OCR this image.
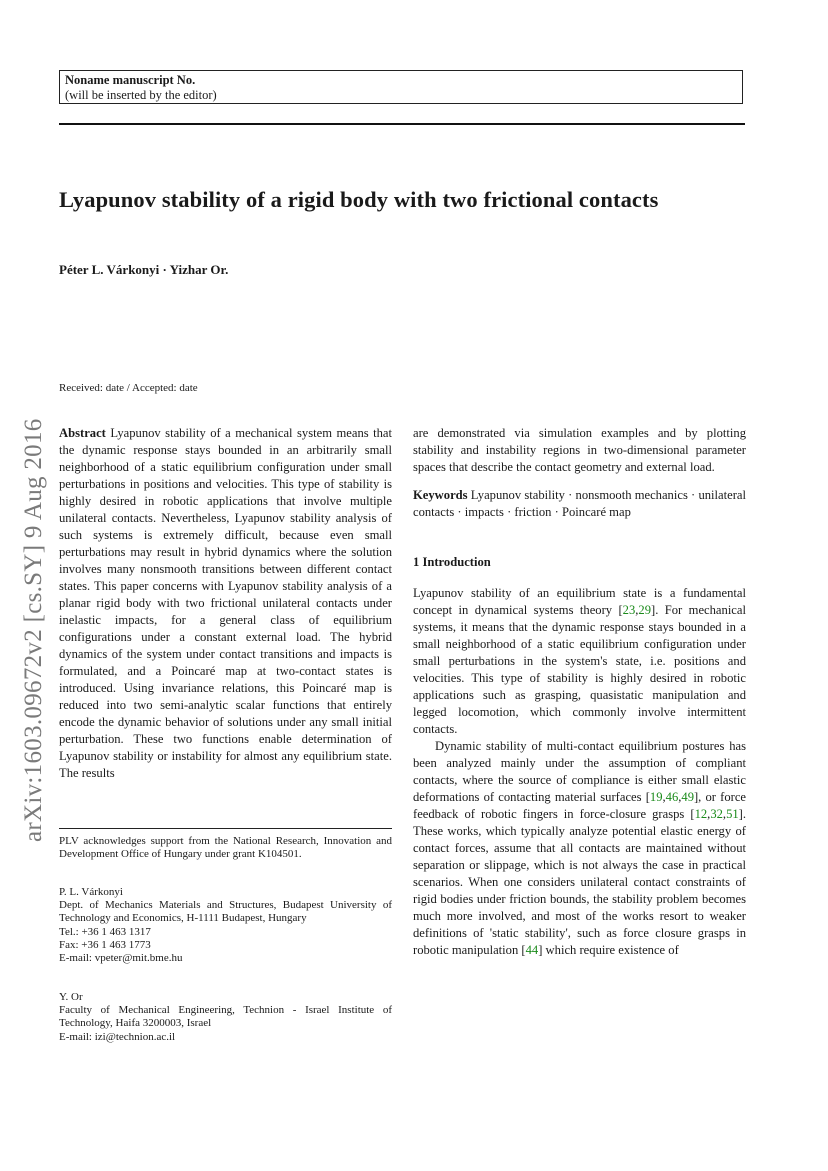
Noname manuscript No.
(will be inserted by the editor)
Lyapunov stability of a rigid body with two frictional contacts
Péter L. Várkonyi · Yizhar Or.
Received: date / Accepted: date
arXiv:1603.09672v2 [cs.SY] 9 Aug 2016 Abstract Lyapunov stability of a mechanical system means that the dynamic response stays bounded in an arbitrarily small neighborhood of a static equilibrium configuration under small perturbations in positions and velocities. This type of stability is highly desired in robotic applications that involve multiple unilateral contacts. Nevertheless, Lyapunov stability analysis of such systems is extremely difficult, because even small perturbations may result in hybrid dynamics where the solution involves many nonsmooth transitions between different contact states. This paper concerns with Lyapunov stability analysis of a planar rigid body with two frictional unilateral contacts under inelastic impacts, for a general class of equilibrium configurations under a constant external load. The hybrid dynamics of the system under contact transitions and impacts is formulated, and a Poincaré map at two-contact states is introduced. Using invariance relations, this Poincaré map is reduced into two semi-analytic scalar functions that entirely encode the dynamic behavior of solutions under any small initial perturbation. These two functions enable determination of Lyapunov stability or instability for almost any equilibrium state. The results

PLV acknowledges support from the National Research, Innovation and Development Office of Hungary under grant K104501.
P. L. Várkonyi
Dept. of Mechanics Materials and Structures, Budapest University of Technology and Economics, H-1111 Budapest, Hungary
Tel.: +36 1 463 1317
Fax: +36 1 463 1773
E-mail: vpeter@mit.bme.hu
Y. Or
Faculty of Mechanical Engineering, Technion - Israel Institute of Technology, Haifa 3200003, Israel
E-mail: izi@technion.ac.il

are demonstrated via simulation examples and by plotting stability and instability regions in two-dimensional parameter spaces that describe the contact geometry and external load.

Keywords Lyapunov stability · nonsmooth mechanics · unilateral contacts · impacts · friction · Poincaré map

1 Introduction

Lyapunov stability of an equilibrium state is a fundamental concept in dynamical systems theory [23,29]. For mechanical systems, it means that the dynamic response stays bounded in a small neighborhood of a static equilibrium configuration under small perturbations in the system's state, i.e. positions and velocities. This type of stability is highly desired in robotic applications such as grasping, quasistatic manipulation and legged locomotion, which commonly involve intermittent contacts.

Dynamic stability of multi-contact equilibrium postures has been analyzed mainly under the assumption of compliant contacts, where the source of compliance is either small elastic deformations of contacting material surfaces [19,46,49], or force feedback of robotic fingers in force-closure grasps [12,32,51]. These works, which typically analyze potential elastic energy of contact forces, assume that all contacts are maintained without separation or slippage, which is not always the case in practical scenarios. When one considers unilateral contact constraints of rigid bodies under friction bounds, the stability problem becomes much more involved, and most of the works resort to weaker definitions of 'static stability', such as force closure grasps in robotic manipulation [44] which require existence of
